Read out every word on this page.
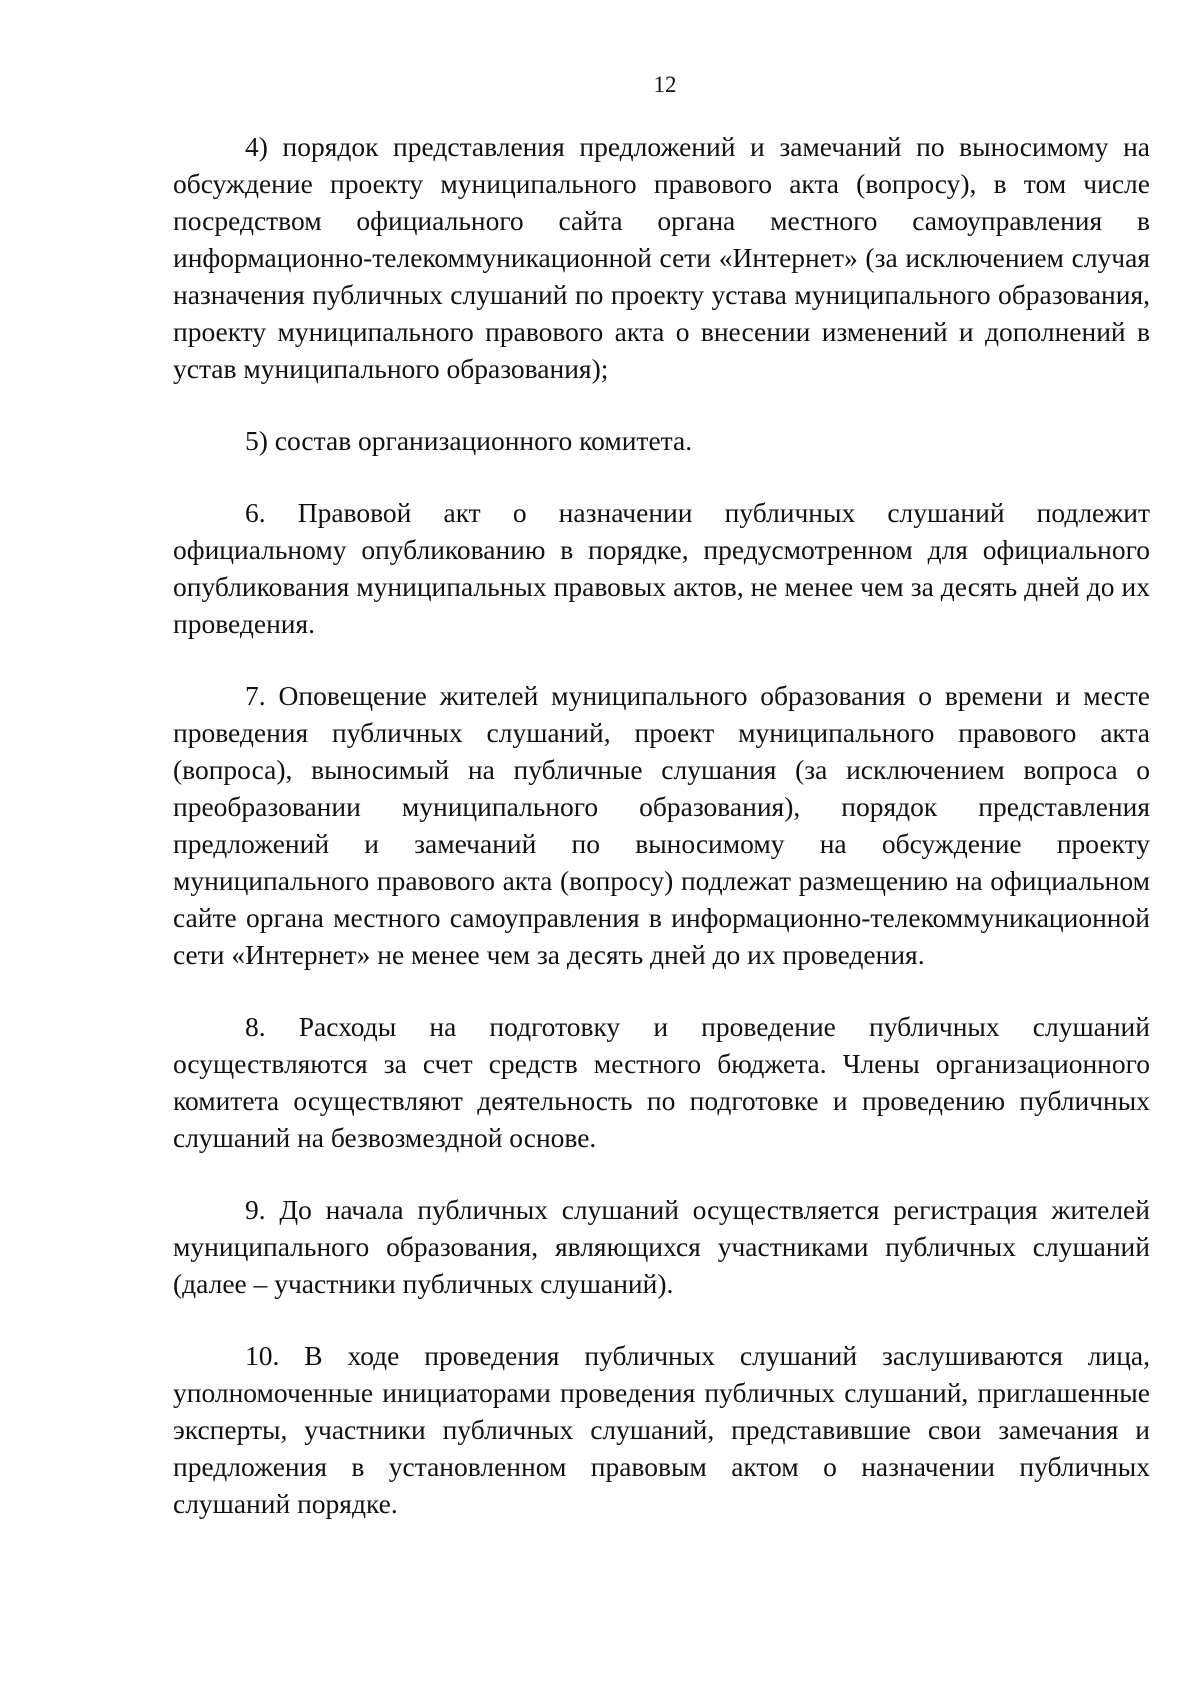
12

4) порядок представления предложений и замечаний по выносимому на обсуждение проекту муниципального правового акта (вопросу), в том числе посредством официального сайта органа местного самоуправления в информационно-телекоммуникационной сети «Интернет» (за исключением случая назначения публичных слушаний по проекту устава муниципального образования, проекту муниципального правового акта о внесении изменений и дополнений в устав муниципального образования);

5) состав организационного комитета.

6. Правовой акт о назначении публичных слушаний подлежит официальному опубликованию в порядке, предусмотренном для официального опубликования муниципальных правовых актов, не менее чем за десять дней до их проведения.

7. Оповещение жителей муниципального образования о времени и месте проведения публичных слушаний, проект муниципального правового акта (вопроса), выносимый на публичные слушания (за исключением вопроса о преобразовании муниципального образования), порядок представления предложений и замечаний по выносимому на обсуждение проекту муниципального правового акта (вопросу) подлежат размещению на официальном сайте органа местного самоуправления в информационно-телекоммуникационной сети «Интернет» не менее чем за десять дней до их проведения.

8. Расходы на подготовку и проведение публичных слушаний осуществляются за счет средств местного бюджета. Члены организационного комитета осуществляют деятельность по подготовке и проведению публичных слушаний на безвозмездной основе.

9. До начала публичных слушаний осуществляется регистрация жителей муниципального образования, являющихся участниками публичных слушаний (далее – участники публичных слушаний).

10. В ходе проведения публичных слушаний заслушиваются лица, уполномоченные инициаторами проведения публичных слушаний, приглашенные эксперты, участники публичных слушаний, представившие свои замечания и предложения в установленном правовым актом о назначении публичных слушаний порядке.
